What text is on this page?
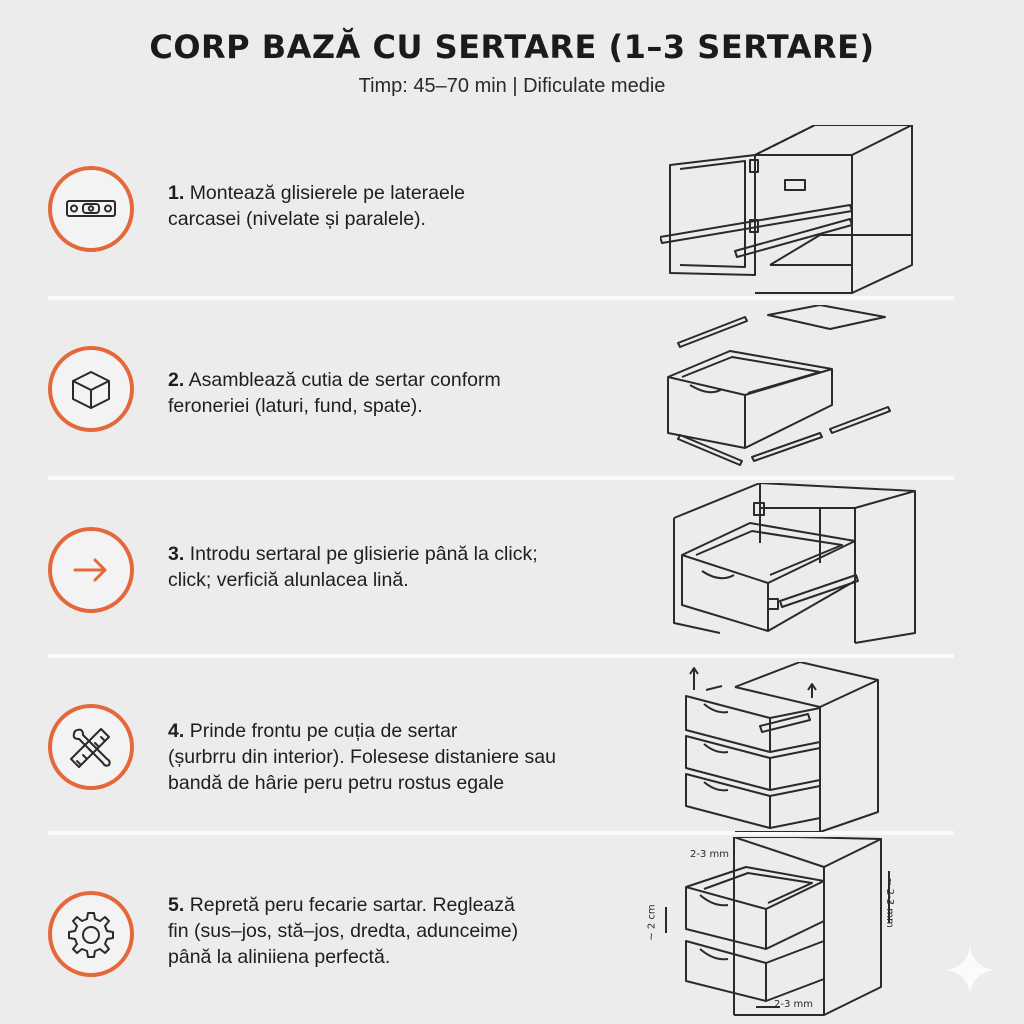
CORP BAZĂ CU SERTARE (1–3 SERTARE)
Timp: 45–70 min | Dificulate medie
1. Montează glisierele pe lateraele
carcasei (nivelate și paralele).
2. Asamblează cutia de sertar conform
feroneriei (laturi, fund, spate).
3. Introdu sertaral pe glisierie până la click;
click; verficiă alunlacea lină.
4. Prinde frontu pe cuția de sertar
(șurbrru din interior). Folesese distaniere sau
bandă de hârie peru petru rostus egale
5. Repretă peru fecarie sartar. Reglează
fin (sus–jos, stă–jos, dredta, adunceime)
până la aliniiena perfectă.
2-3 mm
~ 2 cm	~ 2-3 mm
2-3 mm
